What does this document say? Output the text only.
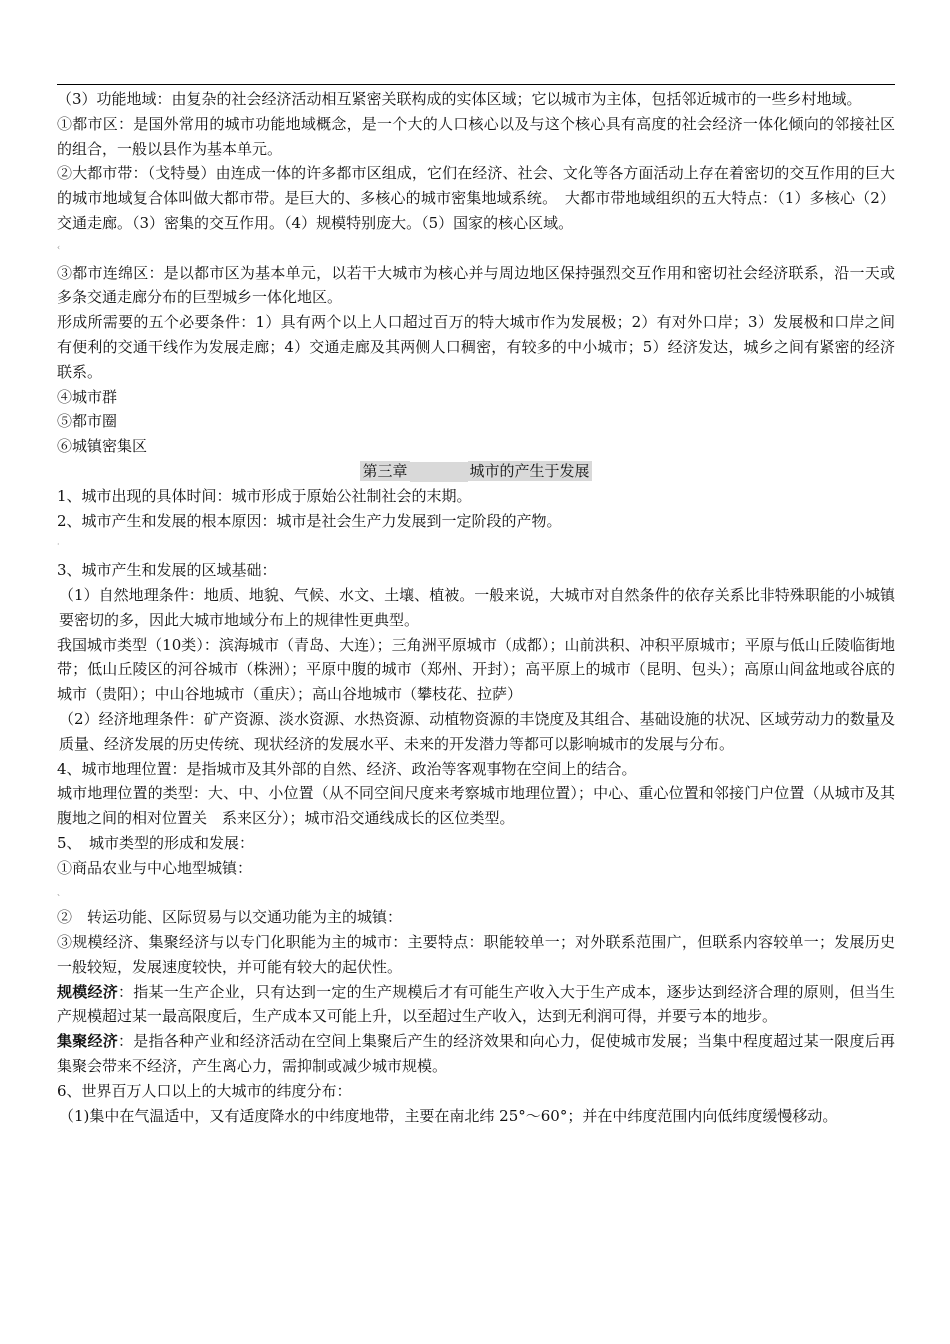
（3）功能地域：由复杂的社会经济活动相互紧密关联构成的实体区域；它以城市为主体，包括邻近城市的一些乡村地域。

①都市区：是国外常用的城市功能地域概念，是一个大的人口核心以及与这个核心具有高度的社会经济一体化倾向的邻接社区的组合，一般以县作为基本单元。

②大都市带：（戈特曼）由连成一体的许多都市区组成，它们在经济、社会、文化等各方面活动上存在着密切的交互作用的巨大的城市地域复合体叫做大都市带。是巨大的、多核心的城市密集地域系统。　大都市带地域组织的五大特点：（1）多核心（2）交通走廊。（3）密集的交互作用。（4）规模特别庞大。（5）国家的核心区域。

‹

③都市连绵区：是以都市区为基本单元，以若干大城市为核心并与周边地区保持强烈交互作用和密切社会经济联系，沿一天或多条交通走廊分布的巨型城乡一体化地区。

形成所需要的五个必要条件：1）具有两个以上人口超过百万的特大城市作为发展极；2）有对外口岸；3）发展极和口岸之间有便利的交通干线作为发展走廊；4）交通走廊及其两侧人口稠密，有较多的中小城市；5）经济发达，城乡之间有紧密的经济联系。

④城市群

⑤都市圈

⑥城镇密集区

第三章	城市的产生于发展

1、城市出现的具体时间：城市形成于原始公社制社会的末期。

2、城市产生和发展的根本原因：城市是社会生产力发展到一定阶段的产物。

·

3、城市产生和发展的区域基础：

（1）自然地理条件：地质、地貌、气候、水文、土壤、植被。一般来说，大城市对自然条件的依存关系比非特殊职能的小城镇要密切的多，因此大城市地域分布上的规律性更典型。

我国城市类型（10类）：滨海城市（青岛、大连）；三角洲平原城市（成都）；山前洪积、冲积平原城市；平原与低山丘陵临街地带；低山丘陵区的河谷城市（株洲）；平原中腹的城市（郑州、开封）；高平原上的城市（昆明、包头）；高原山间盆地或谷底的城市（贵阳）；中山谷地城市（重庆）；高山谷地城市（攀枝花、拉萨）

（2）经济地理条件：矿产资源、淡水资源、水热资源、动植物资源的丰饶度及其组合、基础设施的状况、区域劳动力的数量及质量、经济发展的历史传统、现状经济的发展水平、未来的开发潜力等都可以影响城市的发展与分布。

4、城市地理位置：是指城市及其外部的自然、经济、政治等客观事物在空间上的结合。

城市地理位置的类型：大、中、小位置（从不同空间尺度来考察城市地理位置）；中心、重心位置和邻接门户位置（从城市及其腹地之间的相对位置关　系来区分）；城市沿交通线成长的区位类型。

5、　城市类型的形成和发展：

①商品农业与中心地型城镇：

、

②　转运功能、区际贸易与以交通功能为主的城镇：

③规模经济、集聚经济与以专门化职能为主的城市：主要特点：职能较单一；对外联系范围广，但联系内容较单一；发展历史一般较短，发展速度较快，并可能有较大的起伏性。

规模经济：指某一生产企业，只有达到一定的生产规模后才有可能生产收入大于生产成本，逐步达到经济合理的原则，但当生产规模超过某一最高限度后，生产成本又可能上升，以至超过生产收入，达到无利润可得，并要亏本的地步。

集聚经济：是指各种产业和经济活动在空间上集聚后产生的经济效果和向心力，促使城市发展；当集中程度超过某一限度后再集聚会带来不经济，产生离心力，需抑制或减少城市规模。

6、世界百万人口以上的大城市的纬度分布：

（1)集中在气温适中，又有适度降水的中纬度地带，主要在南北纬 25°～60°；并在中纬度范围内向低纬度缓慢移动。
